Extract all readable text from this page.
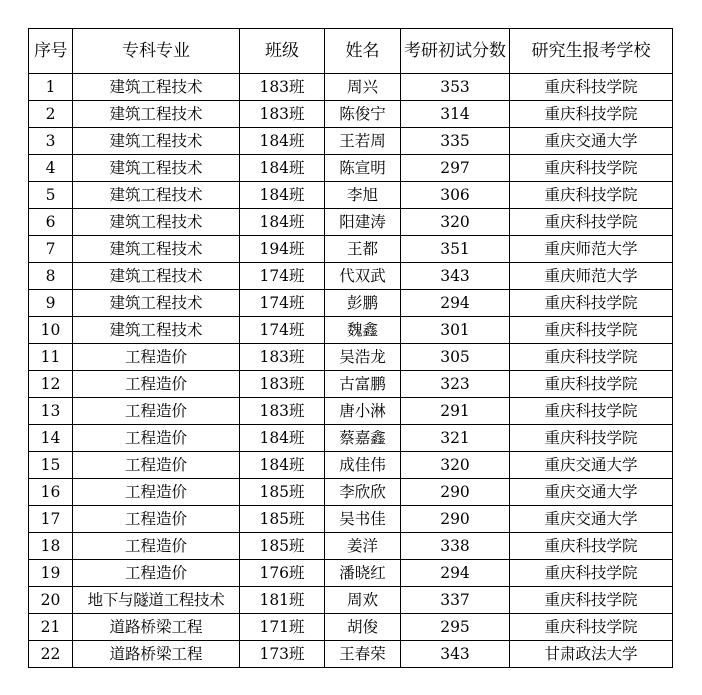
序号	专科专业	班级	姓名	考研初试分数	研究生报考学校
1	建筑工程技术	183班	周兴	353	重庆科技学院
2	建筑工程技术	183班	陈俊宁	314	重庆科技学院
3	建筑工程技术	184班	王若周	335	重庆交通大学
4	建筑工程技术	184班	陈宣明	297	重庆科技学院
5	建筑工程技术	184班	李旭	306	重庆科技学院
6	建筑工程技术	184班	阳建涛	320	重庆科技学院
7	建筑工程技术	194班	王都	351	重庆师范大学
8	建筑工程技术	174班	代双武	343	重庆师范大学
9	建筑工程技术	174班	彭鹏	294	重庆科技学院
10	建筑工程技术	174班	魏鑫	301	重庆科技学院
11	工程造价	183班	吴浩龙	305	重庆科技学院
12	工程造价	183班	古富鹏	323	重庆科技学院
13	工程造价	183班	唐小淋	291	重庆科技学院
14	工程造价	184班	蔡嘉鑫	321	重庆科技学院
15	工程造价	184班	成佳伟	320	重庆交通大学
16	工程造价	185班	李欣欣	290	重庆交通大学
17	工程造价	185班	吴书佳	290	重庆交通大学
18	工程造价	185班	姜洋	338	重庆科技学院
19	工程造价	176班	潘晓红	294	重庆科技学院
20	地下与隧道工程技术	181班	周欢	337	重庆科技学院
21	道路桥梁工程	171班	胡俊	295	重庆科技学院
22	道路桥梁工程	173班	王春荣	343	甘肃政法大学
